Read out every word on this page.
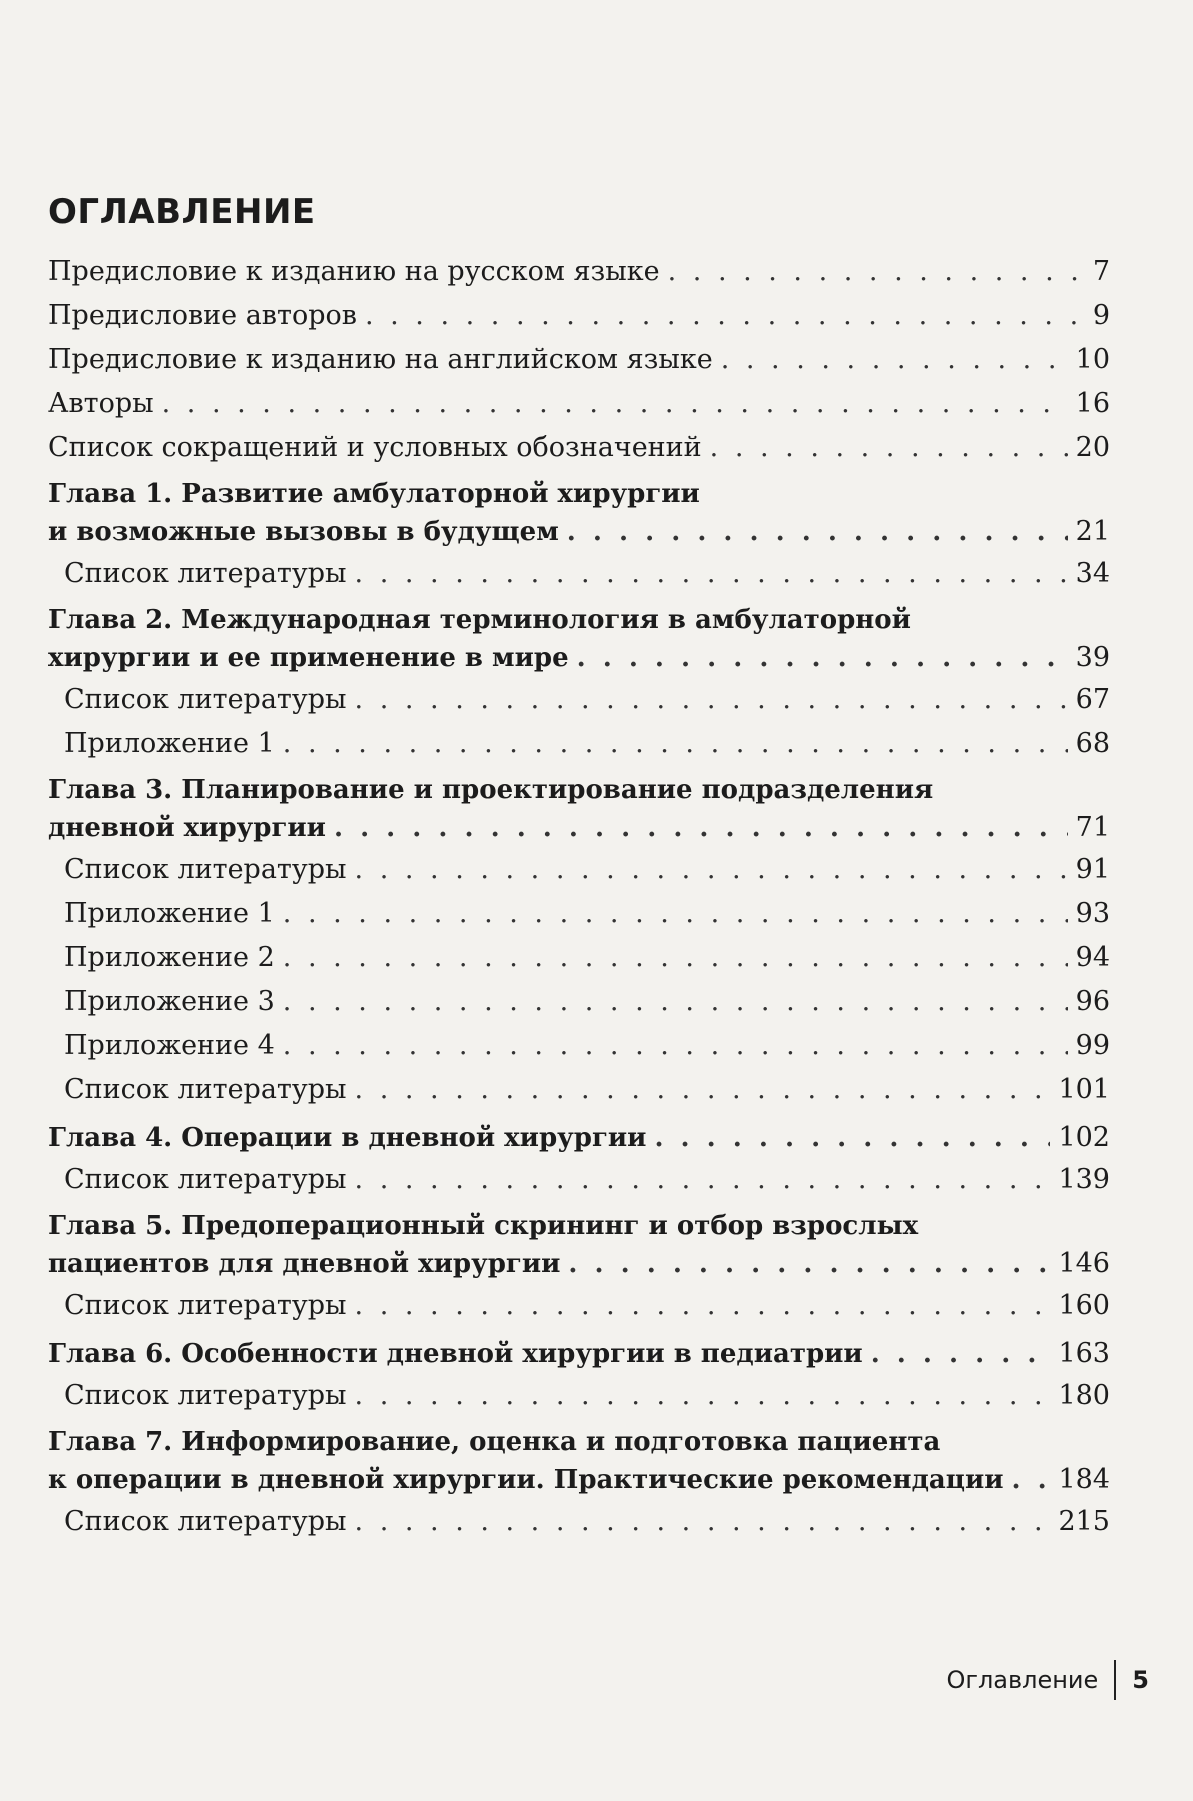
ОГЛАВЛЕНИЕ
Предисловие к изданию на русском языке . . .	7
Предисловие авторов . . .	9
Предисловие к изданию на английском языке . . .	10
Авторы . . .	16
Список сокращений и условных обозначений . . .	20
Глава 1. Развитие амбулаторной хирургии
и возможные вызовы в будущем . . .	21
Список литературы . . .	34
Глава 2. Международная терминология в амбулаторной
хирургии и ее применение в мире . . .	39
Список литературы . . .	67
Приложение 1 . . .	68
Глава 3. Планирование и проектирование подразделения
дневной хирургии . . .	71
Список литературы . . .	91
Приложение 1 . . .	93
Приложение 2 . . .	94
Приложение 3 . . .	96
Приложение 4 . . .	99
Список литературы . . .	101
Глава 4. Операции в дневной хирургии . . .	102
Список литературы . . .	139
Глава 5. Предоперационный скрининг и отбор взрослых
пациентов для дневной хирургии . . .	146
Список литературы . . .	160
Глава 6. Особенности дневной хирургии в педиатрии . . .	163
Список литературы . . .	180
Глава 7. Информирование, оценка и подготовка пациента
к операции в дневной хирургии. Практические рекомендации . . . 184
Список литературы . . .	215
Оглавление 5
